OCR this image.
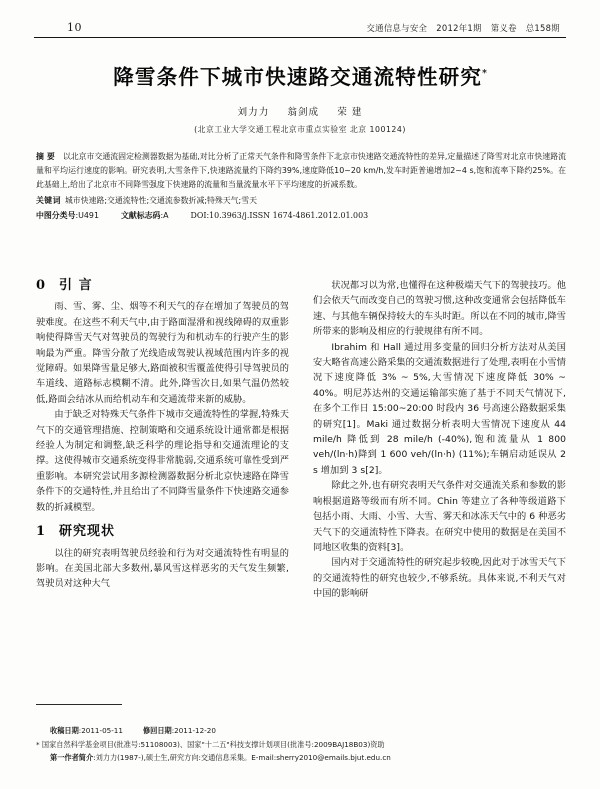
10	交通信息与安全 2012年1期 第义卷 总158期
降雪条件下城市快速路交通流特性研究*
刘力力 翁剑成 荣 建
(北京工业大学交通工程北京市重点实验室 北京 100124)
摘要 以北京市交通流固定检测器数据为基础,对比分析了正常天气条件和降雪条件下北京市快速路交通流特性的差异,定量描述了降雪对北京市快速路流量和平均运行速度的影响。研究表明,大雪条件下,快速路流量约下降约39%,速度降低10~20 km/h,发车时距普遍增加2~4 s,饱和流率下降约25%。在此基础上,给出了北京市不同降雪强度下快速路的流量和当量流量水平下平均速度的折减系数。
关键词 城市快速路;交通流特性;交通流参数折减;特殊天气;雪天
中图分类号:U491	文献标志码:A	DOI:10.3963/j.ISSN 1674-4861.2012.01.003
0 引 言

雨、雪、雾、尘、烟等不利天气的存在增加了驾驶员的驾驶难度。在这些不利天气中,由于路面湿滑和视线障碍的双重影响使得降雪天气对驾驶员的驾驶行为和机动车的行驶产生的影响最为严重。降雪分散了光线造成驾驶认视域范围内许多的视觉障碍。如果降雪量足够大,路面被积雪覆盖使得引导驾驶员的车道线、道路标志模糊不清。此外,降雪次日,如果气温仍然较低,路面会结冰从而给机动车和交通流带来新的威胁。

由于缺乏对特殊天气条件下城市交通流特性的掌握,特殊天气下的交通管理措施、控制策略和交通系统设计通常都是根据经验人为制定和调整,缺乏科学的理论指导和交通流理论的支撑。这使得城市交通系统变得非常脆弱,交通系统可靠性受到严重影响。本研究尝试用多源检测器数据分析北京快速路在降雪条件下的交通特性,并且给出了不同降雪量条件下快速路交通参数的折减模型。

1 研究现状

以往的研究表明驾驶员经验和行为对交通流特性有明显的影响。在美国北部大多数州,暴风雪这样恶劣的天气发生频繁,驾驶员对这种大气

状况都习以为常,也懂得在这种极端天气下的驾驶技巧。他们会依天气而改变自己的驾驶习惯,这种改变通常会包括降低车速、与其他车辆保持较大的车头时距。所以在不同的城市,降雪所带来的影响及相应的行驶规律有所不同。

Ibrahim 和 Hall 通过用多变量的回归分析方法对从美国安大略省高速公路采集的交通流数据进行了处理,表明在小雪情况下速度降低 3% ~ 5%,大雪情况下速度降低 30% ~ 40%。明尼苏达州的交通运输部实施了基于不同天气情况下,在多个工作日 15:00~20:00 时段内 36 号高速公路数据采集的研究[1]。Maki 通过数据分析表明大雪情况下速度从 44 mile/h 降低到 28 mile/h (-40%),饱和流量从 1 800 veh/(ln·h)降到 1 600 veh/(ln·h) (11%);车辆启动延误从 2 s 增加到 3 s[2]。

除此之外,也有研究表明天气条件对交通流关系和参数的影响根据道路等级而有所不同。Chin 等建立了各种等级道路下包括小雨、大雨、小雪、大雪、雾天和冰冻天气中的 6 种恶劣天气下的交通流特性下降表。在研究中使用的数据是在美国不同地区收集的资料[3]。

国内对于交通流特性的研究起步较晚,因此对于冰雪天气下的交通流特性的研究也较少,不够系统。具体来说,不利天气对中国的影响研

收稿日期:2011-05-11	修回日期:2011-12-20
* 国家自然科学基金项目(批准号:51108003)、国家"十二五"科技支撑计划项目(批准号:2009BAJ18B03)资助
第一作者简介:刘力力(1987-),硕士生,研究方向:交通信息采集。E-mail:sherry2010@emails.bjut.edu.cn
